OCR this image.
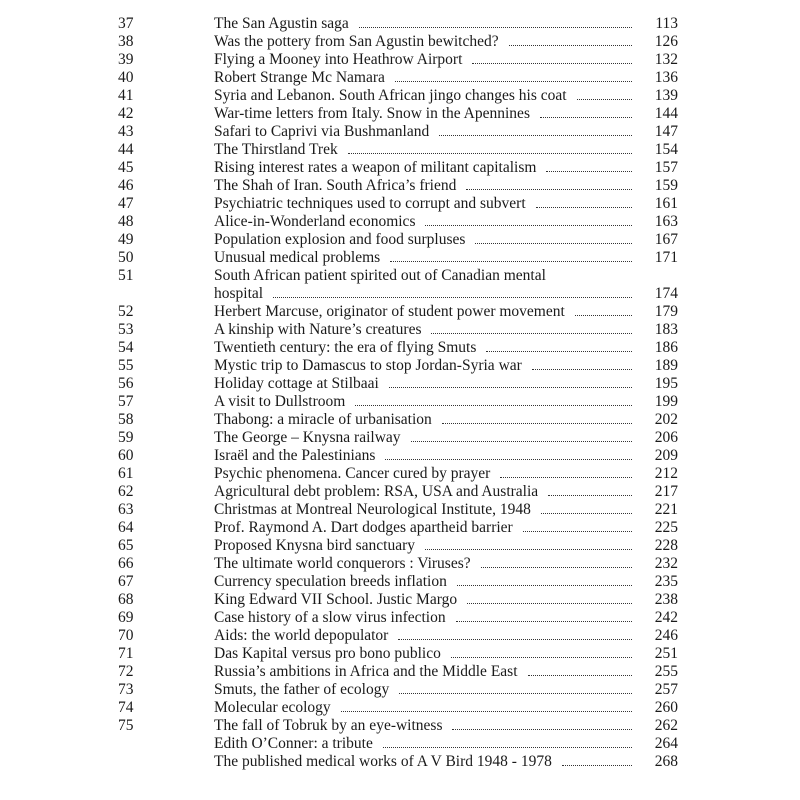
37	The San Agustin saga	113
38	Was the pottery from San Agustin bewitched?	126
39	Flying a Mooney into Heathrow Airport	132
40	Robert Strange Mc Namara	136
41	Syria and Lebanon. South African jingo changes his coat	139
42	War-time letters from Italy. Snow in the Apennines	144
43	Safari to Caprivi via Bushmanland	147
44	The Thirstland Trek	154
45	Rising interest rates a weapon of militant capitalism	157
46	The Shah of Iran. South Africa’s friend	159
47	Psychiatric techniques used to corrupt and subvert	161
48	Alice-in-Wonderland economics	163
49	Population explosion and food surpluses	167
50	Unusual medical problems	171
51	South African patient spirited out of Canadian mental
hospital	174
52	Herbert Marcuse, originator of student power movement	179
53	A kinship with Nature’s creatures	183
54	Twentieth century: the era of flying Smuts	186
55	Mystic trip to Damascus to stop Jordan-Syria war	189
56	Holiday cottage at Stilbaai	195
57	A visit to Dullstroom	199
58	Thabong: a miracle of urbanisation	202
59	The George – Knysna railway	206
60	Israël and the Palestinians	209
61	Psychic phenomena. Cancer cured by prayer	212
62	Agricultural debt problem: RSA, USA and Australia	217
63	Christmas at Montreal Neurological Institute, 1948	221
64	Prof. Raymond A. Dart dodges apartheid barrier	225
65	Proposed Knysna bird sanctuary	228
66	The ultimate world conquerors : Viruses?	232
67	Currency speculation breeds inflation	235
68	King Edward VII School. Justic Margo	238
69	Case history of a slow virus infection	242
70	Aids: the world depopulator	246
71	Das Kapital versus pro bono publico	251
72	Russia’s ambitions in Africa and the Middle East	255
73	Smuts, the father of ecology	257
74	Molecular ecology	260
75	The fall of Tobruk by an eye-witness	262
Edith O’Conner: a tribute	264
The published medical works of A V Bird 1948 - 1978	268
